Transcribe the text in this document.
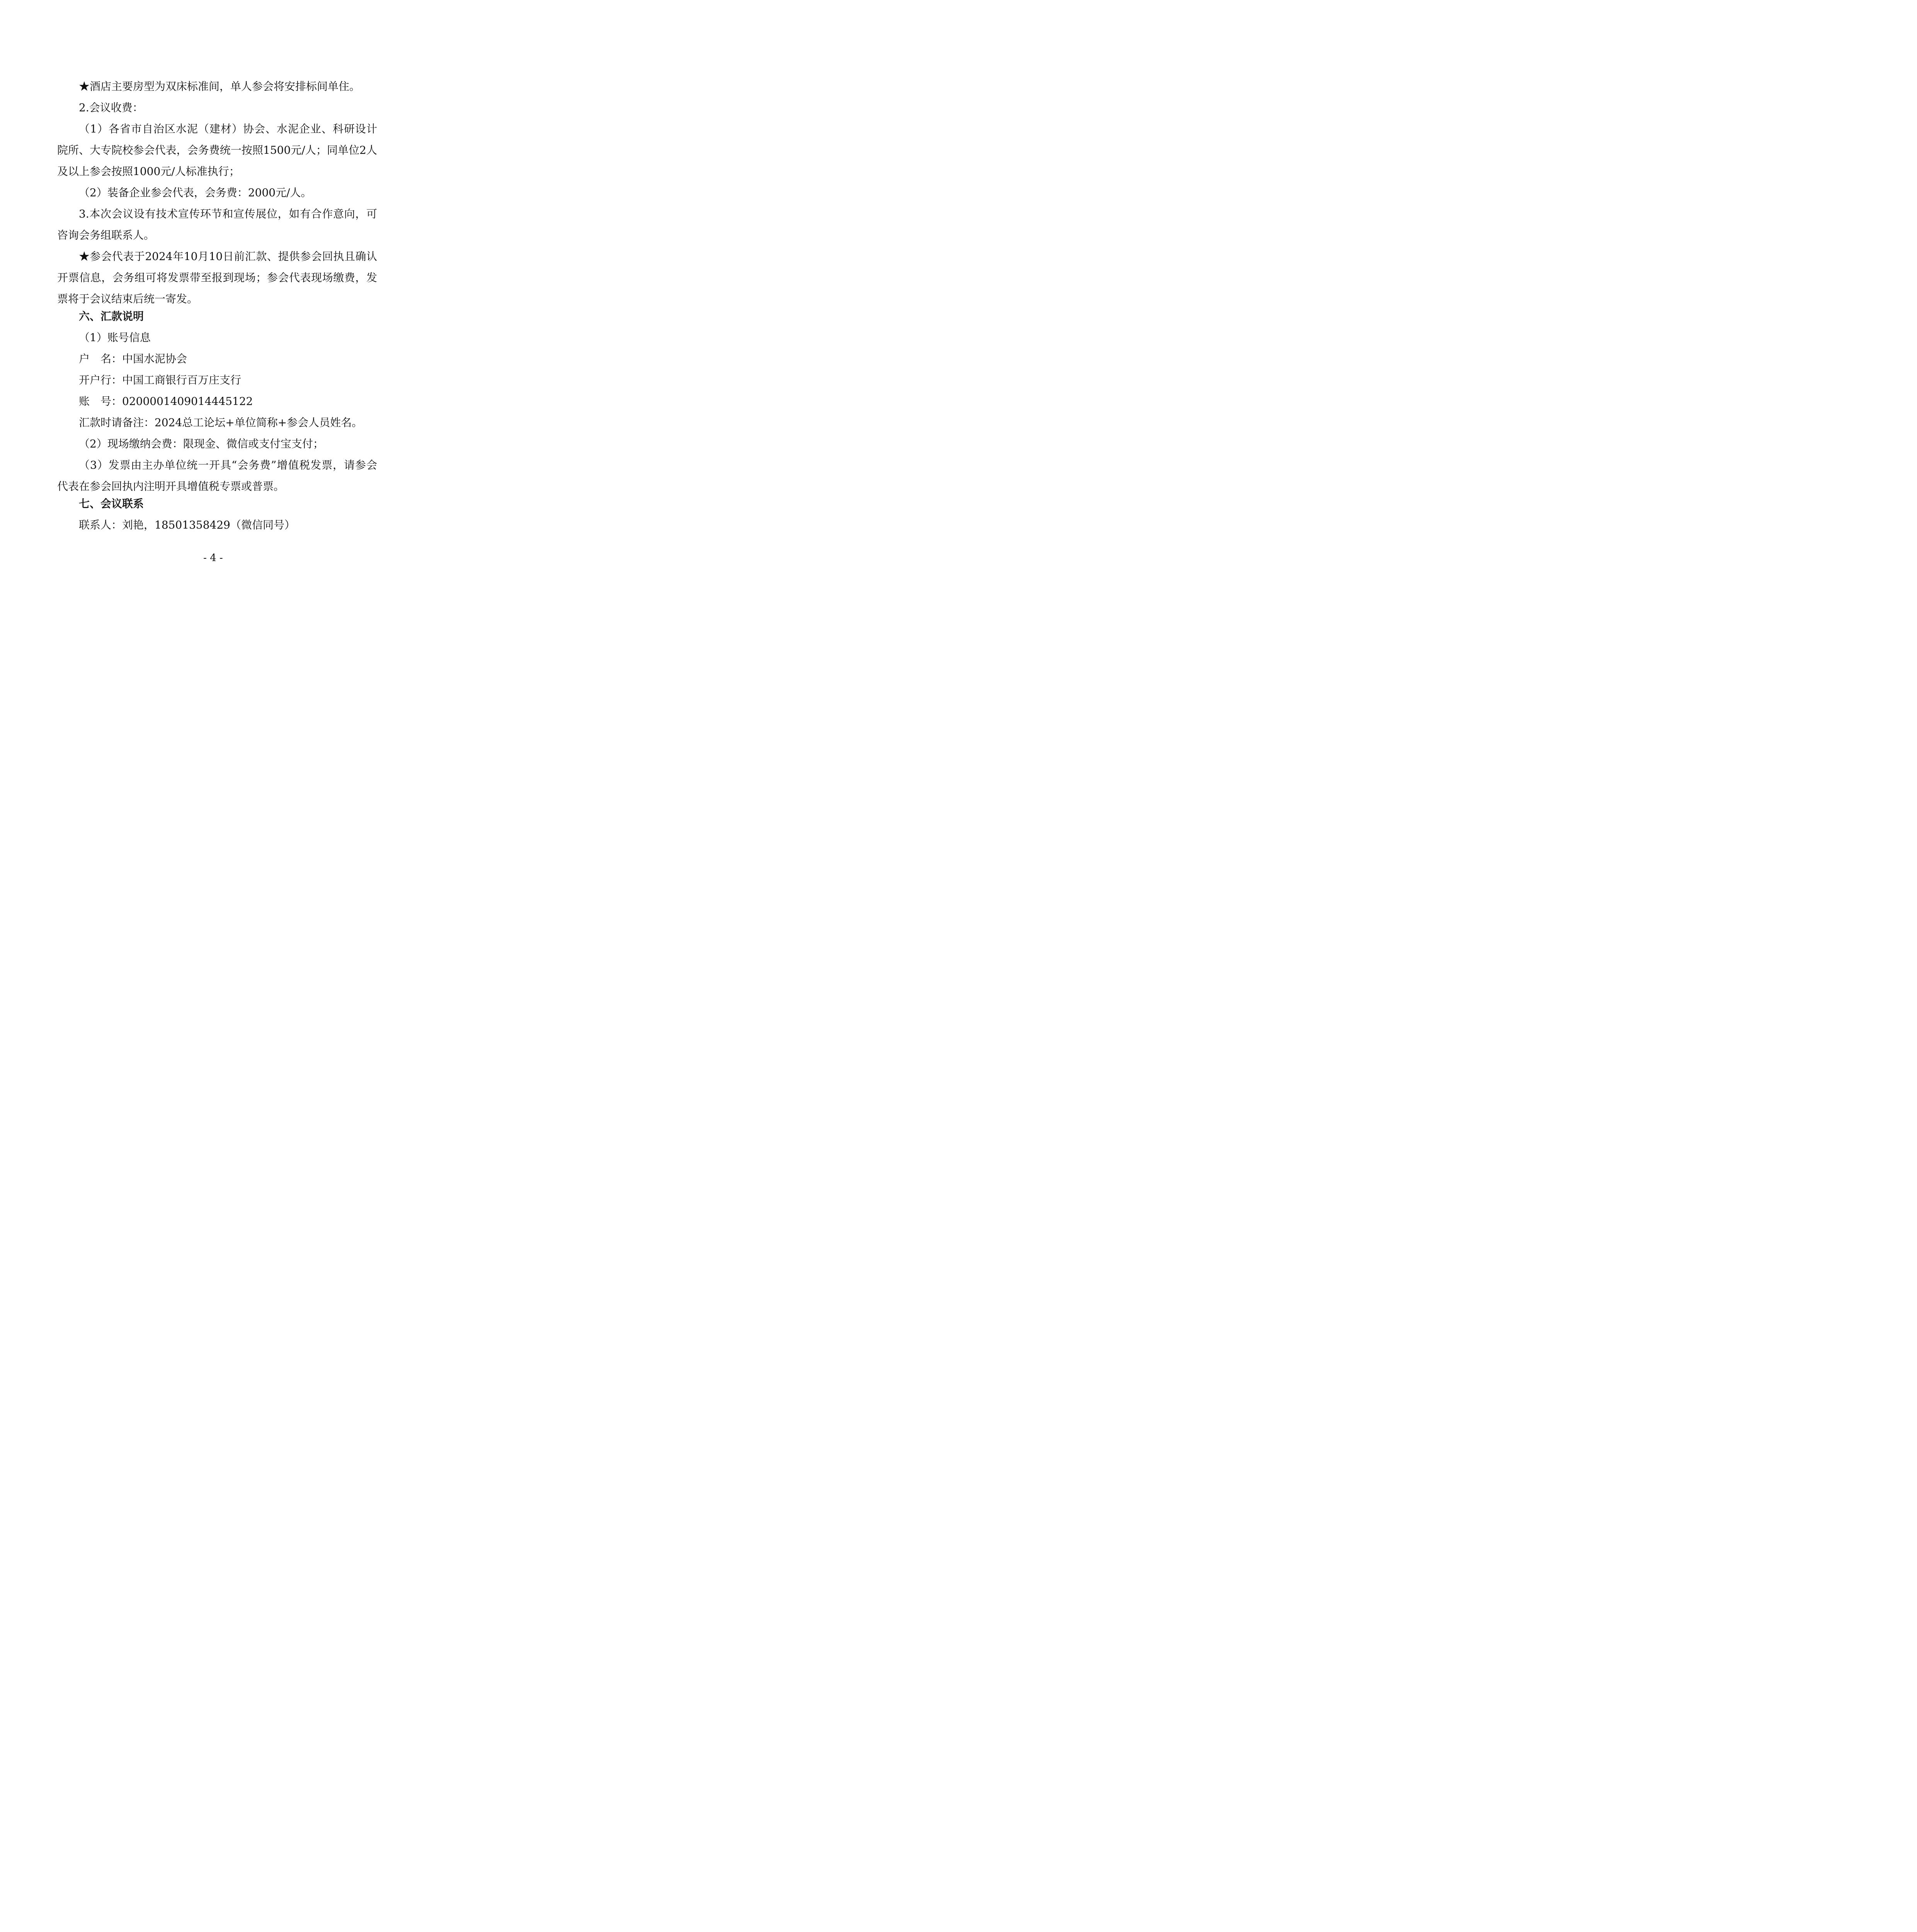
★酒店主要房型为双床标准间，单人参会将安排标间单住。

2.会议收费：

（1）各省市自治区水泥（建材）协会、水泥企业、科研设计院所、大专院校参会代表，会务费统一按照1500元/人；同单位2人及以上参会按照1000元/人标准执行；

（2）装备企业参会代表，会务费：2000元/人。

3.本次会议设有技术宣传环节和宣传展位，如有合作意向，可咨询会务组联系人。

★参会代表于2024年10月10日前汇款、提供参会回执且确认开票信息，会务组可将发票带至报到现场；参会代表现场缴费，发票将于会议结束后统一寄发。

六、汇款说明

（1）账号信息

户　名：中国水泥协会

开户行：中国工商银行百万庄支行

账　号：0200001409014445122

汇款时请备注：2024总工论坛+单位简称+参会人员姓名。

（2）现场缴纳会费：限现金、微信或支付宝支付；

（3）发票由主办单位统一开具“会务费”增值税发票，请参会代表在参会回执内注明开具增值税专票或普票。

七、会议联系

联系人：刘艳，18501358429（微信同号）

- 4 -
